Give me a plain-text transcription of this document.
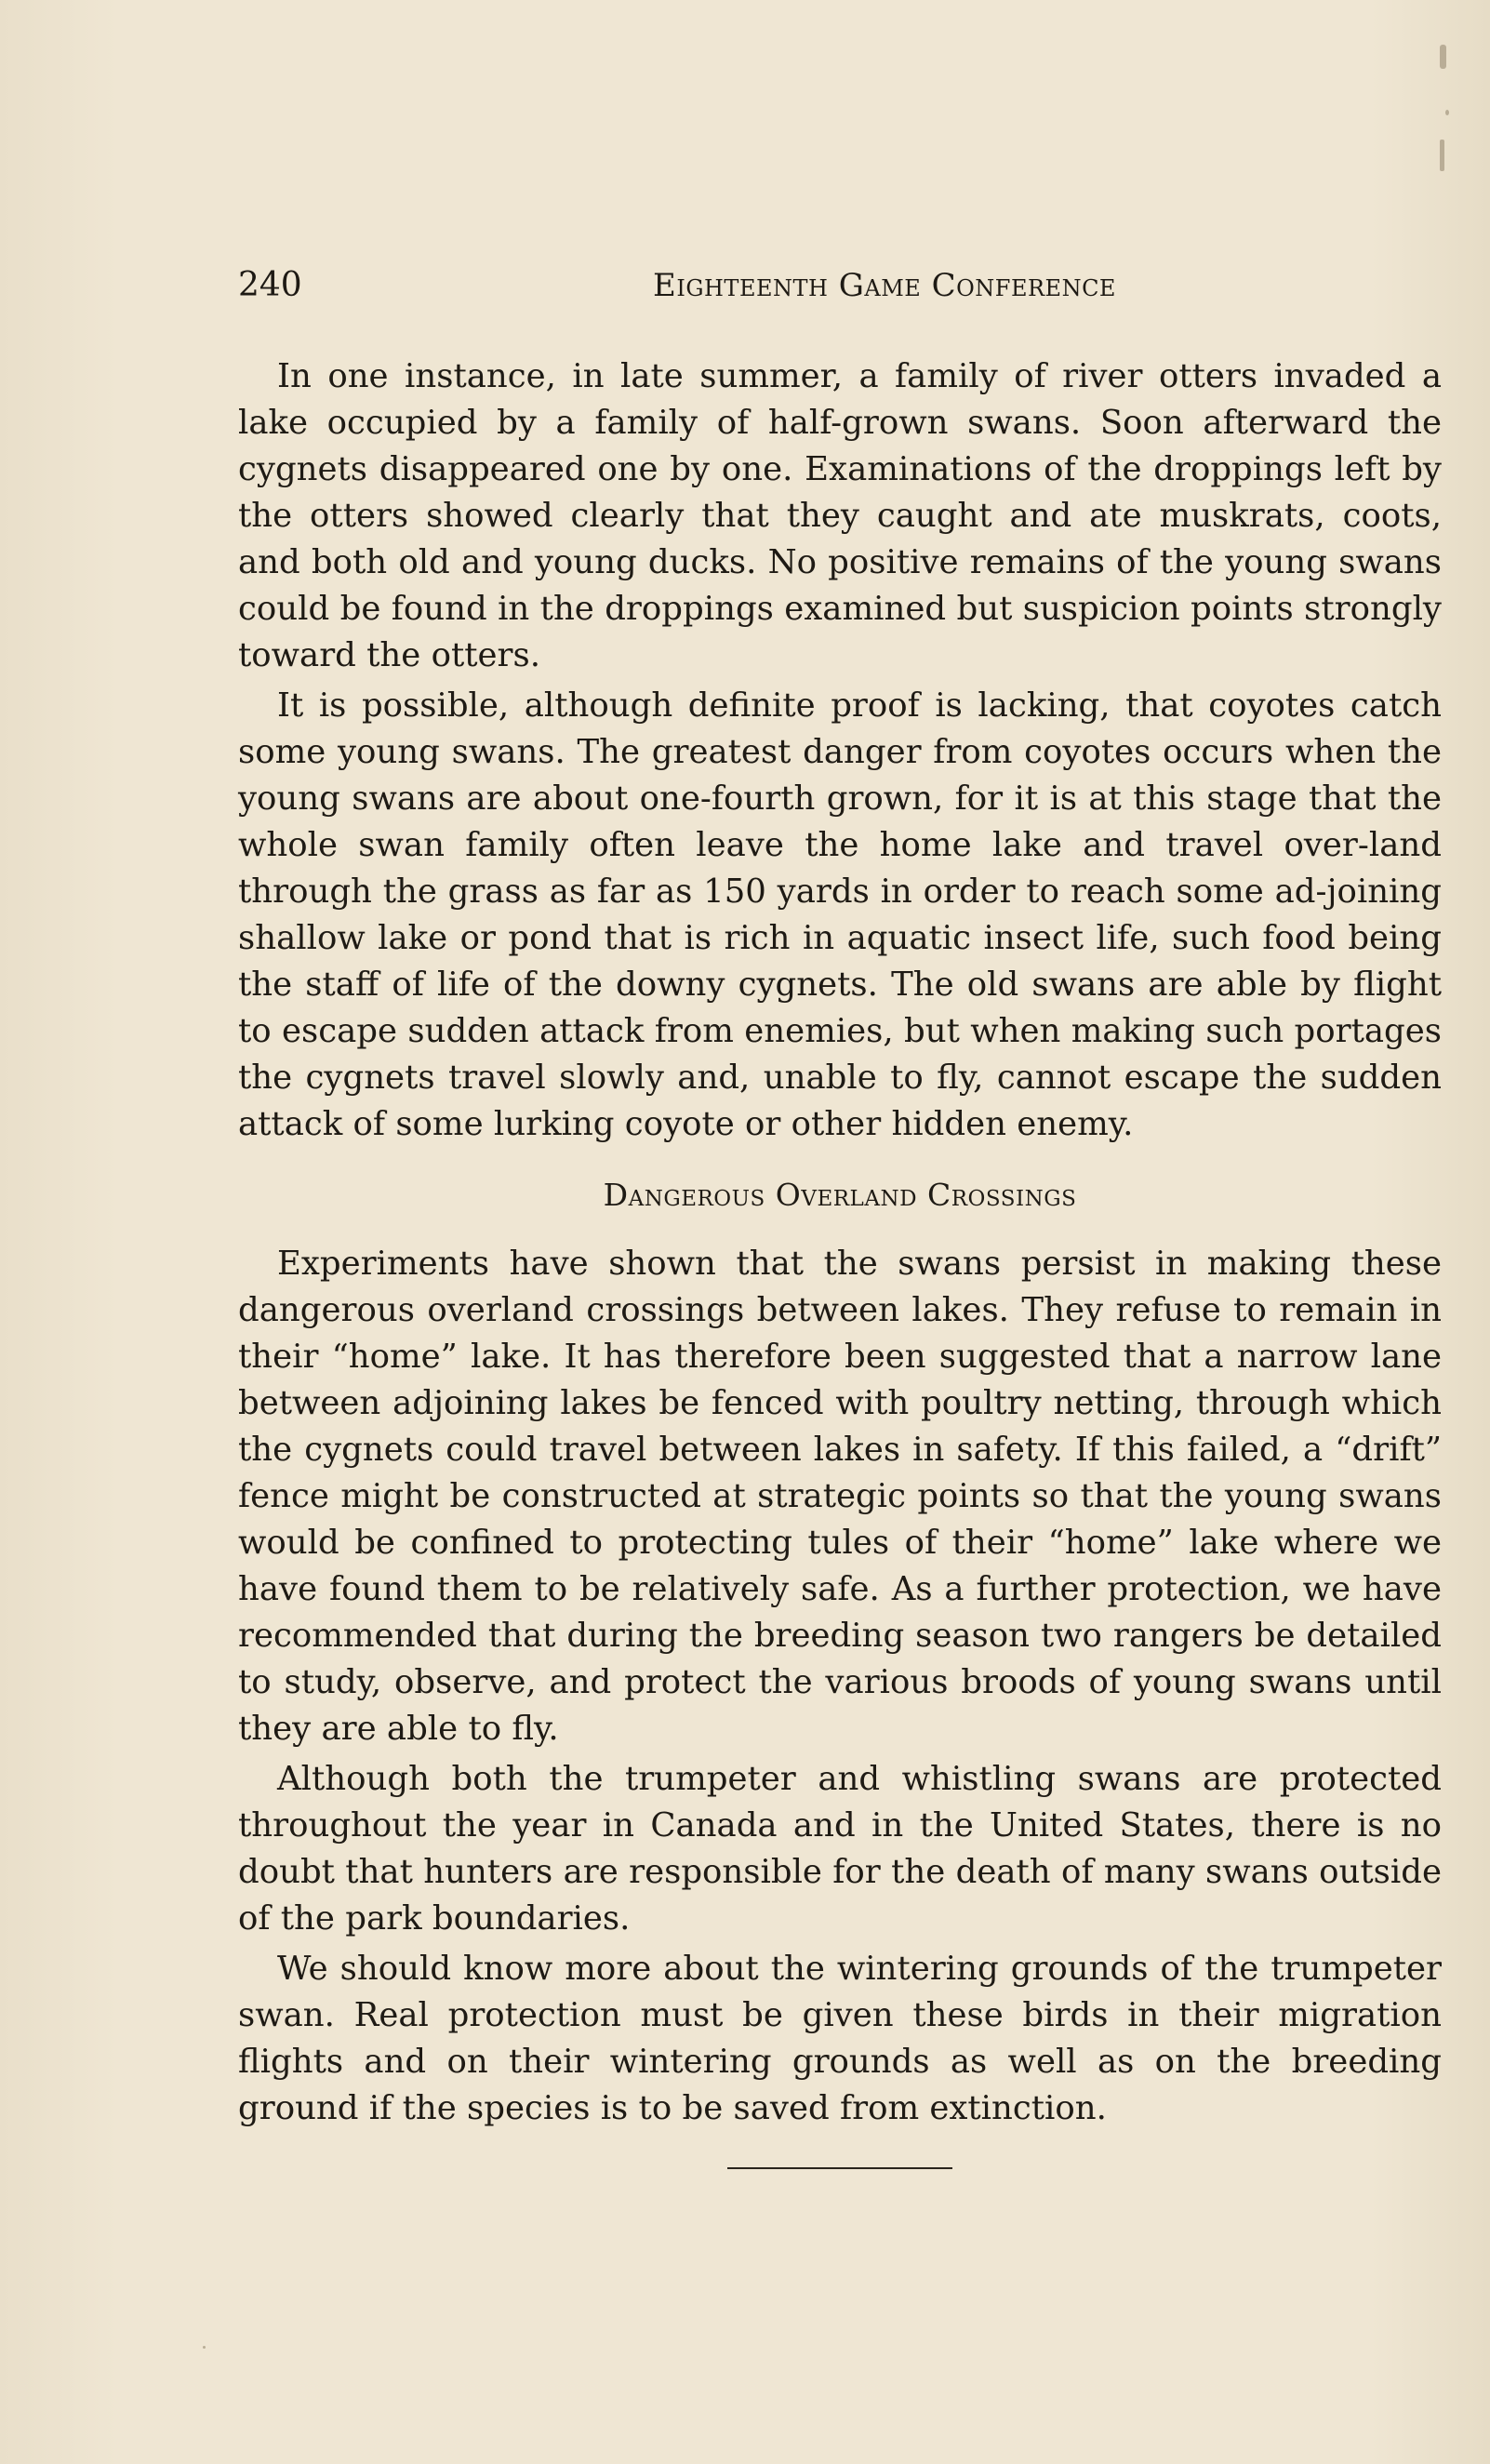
240	Eighteenth Game Conference

In one instance, in late summer, a family of river otters invaded a lake occupied by a family of half-grown swans. Soon afterward the cygnets disappeared one by one. Examinations of the droppings left by the otters showed clearly that they caught and ate muskrats, coots, and both old and young ducks. No positive remains of the young swans could be found in the droppings examined but suspicion points strongly toward the otters.

It is possible, although definite proof is lacking, that coyotes catch some young swans. The greatest danger from coyotes occurs when the young swans are about one-fourth grown, for it is at this stage that the whole swan family often leave the home lake and travel over-land through the grass as far as 150 yards in order to reach some ad-joining shallow lake or pond that is rich in aquatic insect life, such food being the staff of life of the downy cygnets. The old swans are able by flight to escape sudden attack from enemies, but when making such portages the cygnets travel slowly and, unable to fly, cannot escape the sudden attack of some lurking coyote or other hidden enemy.

Dangerous Overland Crossings

Experiments have shown that the swans persist in making these dangerous overland crossings between lakes. They refuse to remain in their “home” lake. It has therefore been suggested that a narrow lane between adjoining lakes be fenced with poultry netting, through which the cygnets could travel between lakes in safety. If this failed, a “drift” fence might be constructed at strategic points so that the young swans would be confined to protecting tules of their “home” lake where we have found them to be relatively safe. As a further protection, we have recommended that during the breeding season two rangers be detailed to study, observe, and protect the various broods of young swans until they are able to fly.

Although both the trumpeter and whistling swans are protected throughout the year in Canada and in the United States, there is no doubt that hunters are responsible for the death of many swans outside of the park boundaries.

We should know more about the wintering grounds of the trumpeter swan. Real protection must be given these birds in their migration flights and on their wintering grounds as well as on the breeding ground if the species is to be saved from extinction.
